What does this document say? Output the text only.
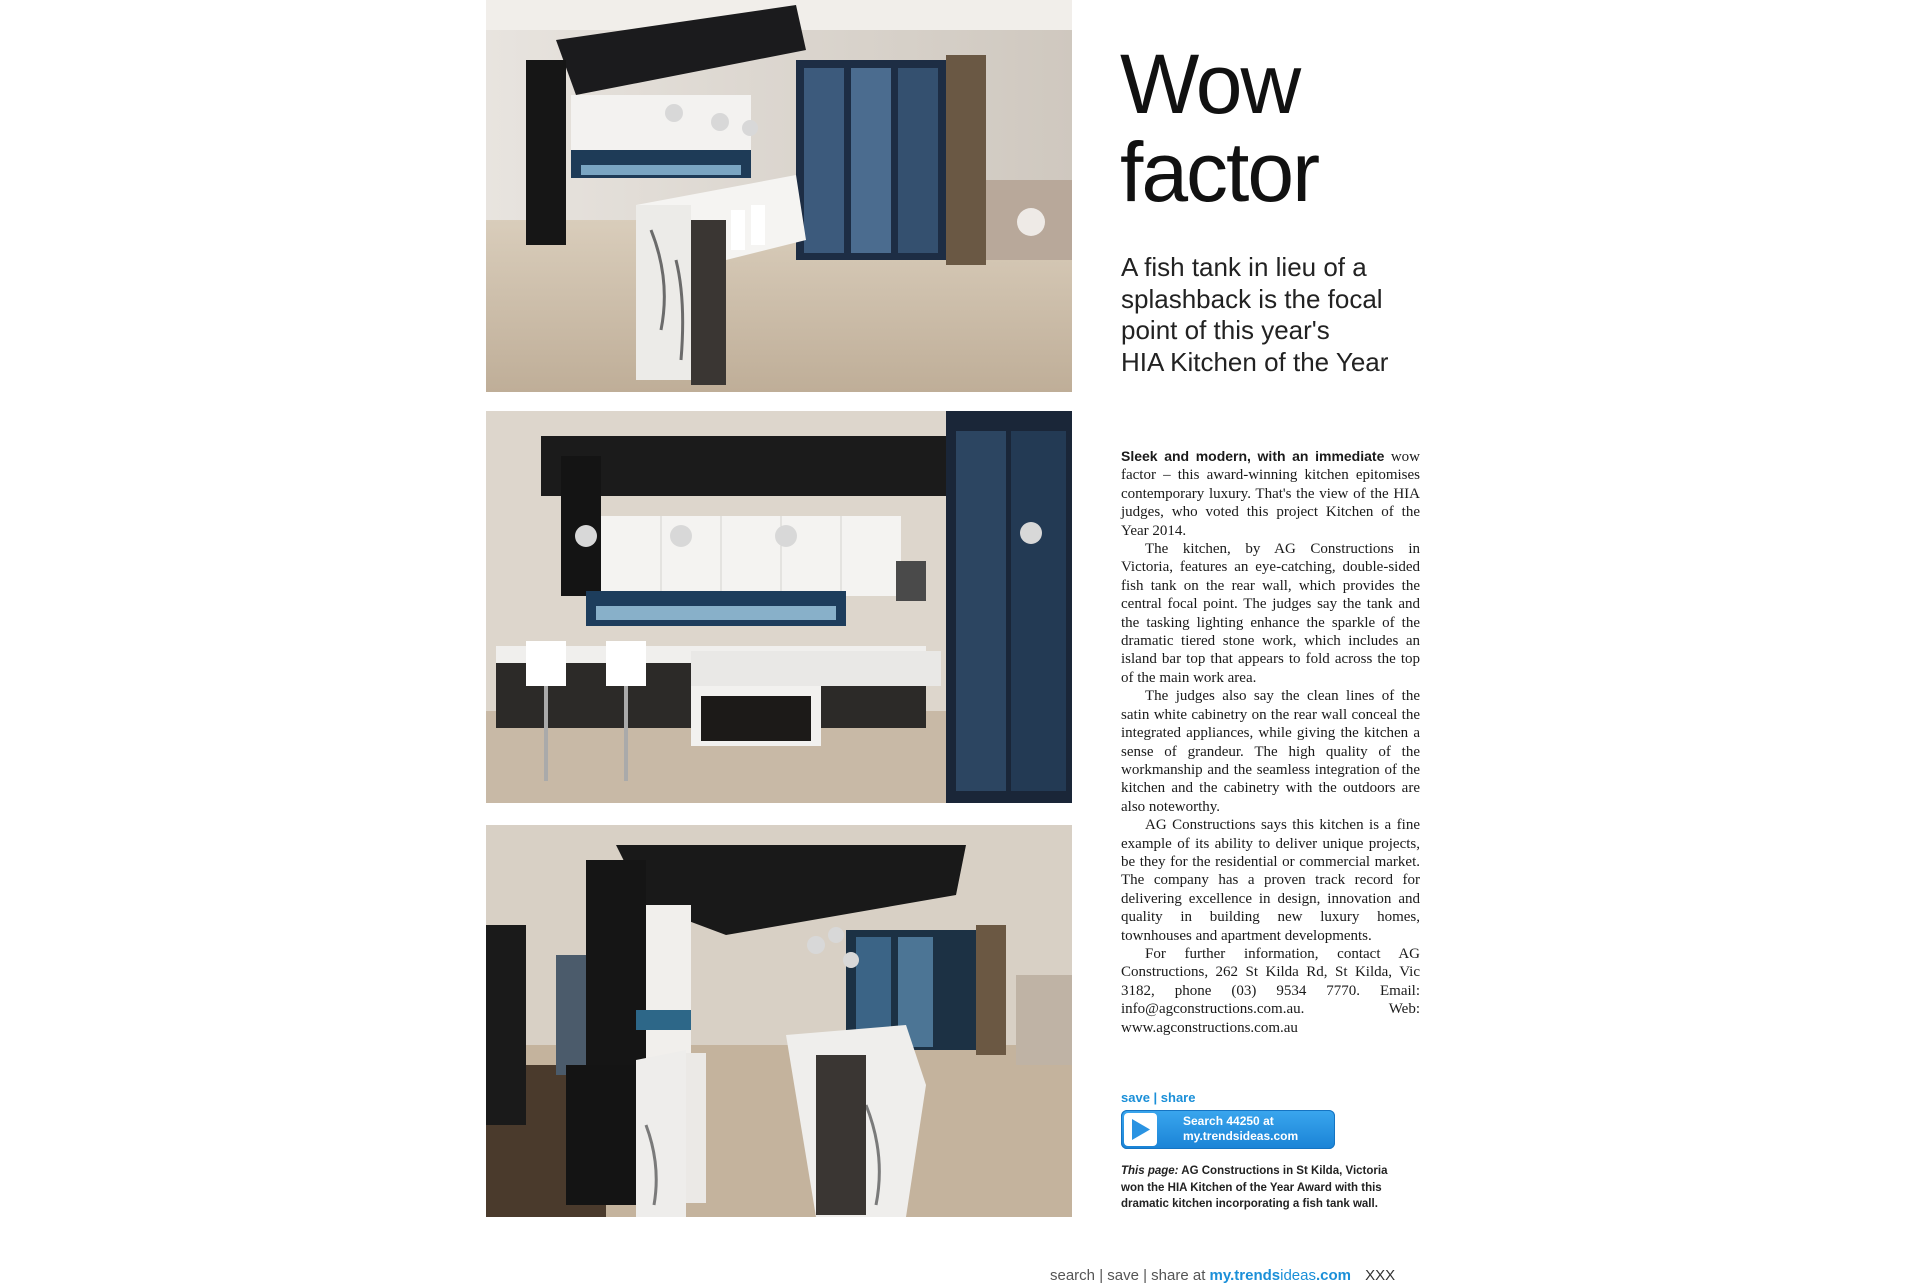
Wow
factor
A fish tank in lieu of a
splashback is the focal
point of this year's
HIA Kitchen of the Year

Sleek and modern, with an immediate wow factor – this award-winning kitchen epitomises contemporary luxury. That's the view of the HIA judges, who voted this project Kitchen of the Year 2014.

The kitchen, by AG Constructions in Victoria, features an eye-catching, double-sided fish tank on the rear wall, which provides the central focal point. The judges say the tank and the tasking lighting enhance the sparkle of the dramatic tiered stone work, which includes an island bar top that appears to fold across the top of the main work area.

The judges also say the clean lines of the satin white cabinetry on the rear wall conceal the integrated appliances, while giving the kitchen a sense of grandeur. The high quality of the workmanship and the seamless integration of the kitchen and the cabinetry with the outdoors are also noteworthy.

AG Constructions says this kitchen is a fine example of its ability to deliver unique projects, be they for the residential or commercial market. The company has a proven track record for delivering excellence in design, innovation and quality in building new luxury homes, townhouses and apartment developments.

For further information, contact AG Constructions, 262 St Kilda Rd, St Kilda, Vic 3182, phone (03) 9534 7770. Email: info@agconstructions.com.au. Web: www.agconstructions.com.au

save | share
Search 44250 at
my.trendsideas.com
This page: AG Constructions in St Kilda, Victoria
won the HIA Kitchen of the Year Award with this
dramatic kitchen incorporating a fish tank wall.
search | save | share at my.trendsideas.com XXX
